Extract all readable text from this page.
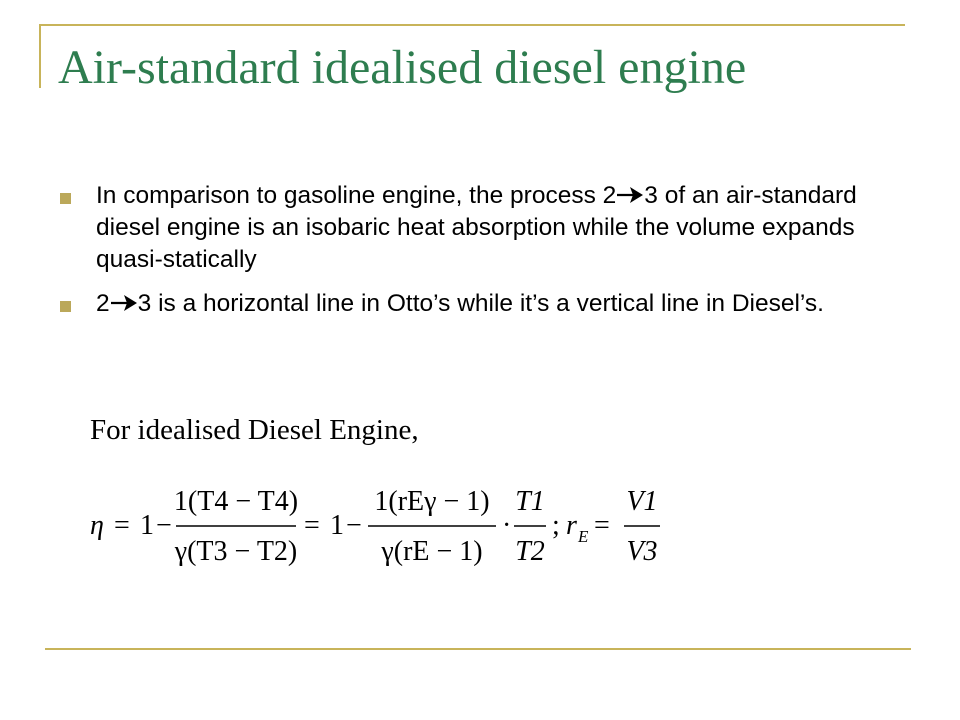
Air-standard idealised diesel engine
In comparison to gasoline engine, the process 2 3 of an air-standard diesel engine is an isobaric heat absorption while the volume expands quasi-statically
2 3 is a horizontal line in Otto’s while it’s a vertical line in Diesel’s.
For idealised Diesel Engine,
η = 1 −
1(T4 − T4)
γ(T3 − T2)
= 1 −
1(rEγ − 1)
γ(rE − 1)
·
T1
T2
; r E =
V1
V3
